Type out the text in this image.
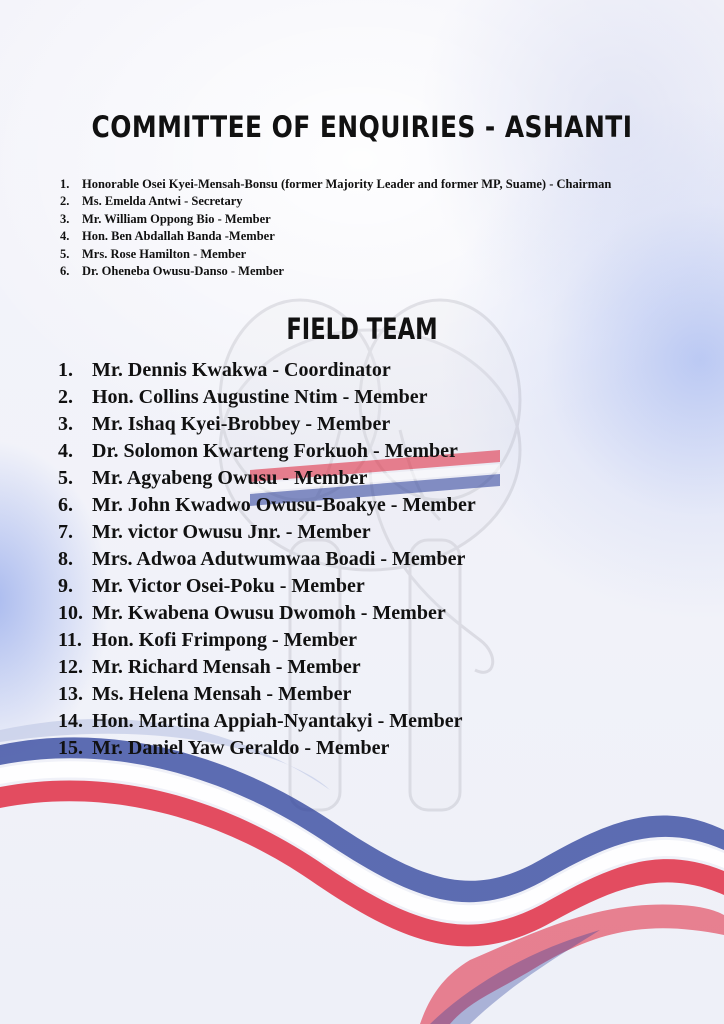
COMMITTEE OF ENQUIRIES - ASHANTI
1. Honorable Osei Kyei-Mensah-Bonsu (former Majority Leader and former MP, Suame) - Chairman
2. Ms. Emelda Antwi - Secretary
3. Mr. William Oppong Bio - Member
4. Hon. Ben Abdallah Banda -Member
5. Mrs. Rose Hamilton - Member
6. Dr. Oheneba Owusu-Danso - Member
FIELD TEAM
1. Mr. Dennis Kwakwa - Coordinator
2. Hon. Collins Augustine Ntim - Member
3. Mr. Ishaq Kyei-Brobbey - Member
4. Dr. Solomon Kwarteng Forkuoh - Member
5. Mr. Agyabeng Owusu - Member
6. Mr. John Kwadwo Owusu-Boakye - Member
7. Mr. victor Owusu Jnr. - Member
8. Mrs. Adwoa Adutwumwaa Boadi - Member
9. Mr. Victor Osei-Poku - Member
10. Mr. Kwabena Owusu Dwomoh - Member
11. Hon. Kofi Frimpong - Member
12. Mr. Richard Mensah - Member
13. Ms. Helena Mensah - Member
14. Hon. Martina Appiah-Nyantakyi - Member
15. Mr. Daniel Yaw Geraldo - Member
